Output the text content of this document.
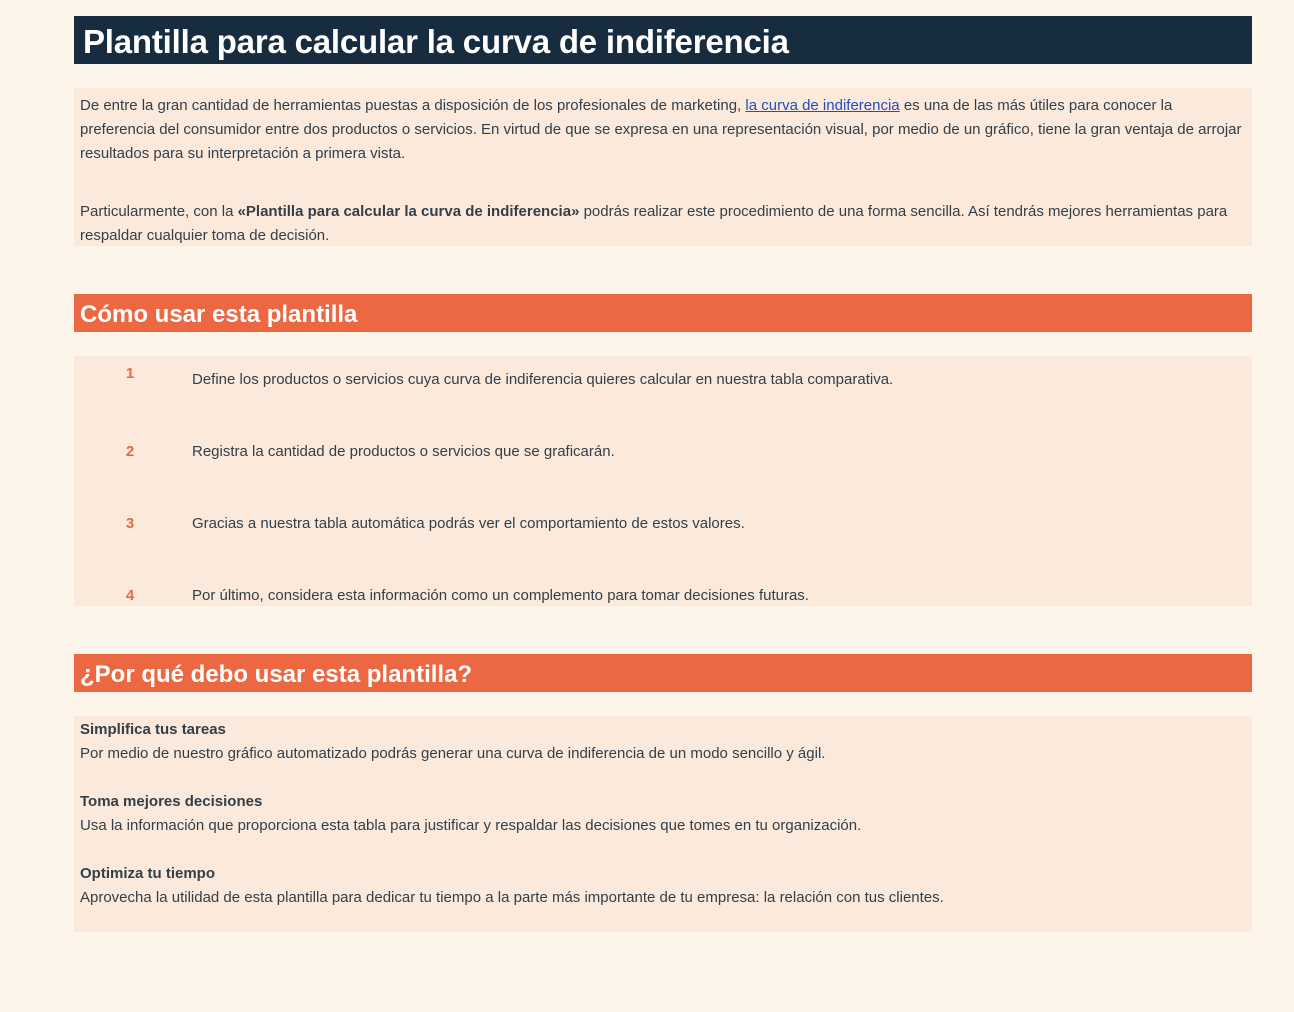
Plantilla para calcular la curva de indiferencia

De entre la gran cantidad de herramientas puestas a disposición de los profesionales de marketing, la curva de indiferencia es una de las más útiles para conocer la preferencia del consumidor entre dos productos o servicios. En virtud de que se expresa en una representación visual, por medio de un gráfico, tiene la gran ventaja de arrojar resultados para su interpretación a primera vista.

Particularmente, con la «Plantilla para calcular la curva de indiferencia» podrás realizar este procedimiento de una forma sencilla. Así tendrás mejores herramientas para respaldar cualquier toma de decisión.

Cómo usar esta plantilla
1	Define los productos o servicios cuya curva de indiferencia quieres calcular en nuestra tabla comparativa.
2	Registra la cantidad de productos o servicios que se graficarán.
3	Gracias a nuestra tabla automática podrás ver el comportamiento de estos valores.
4	Por último, considera esta información como un complemento para tomar decisiones futuras.
¿Por qué debo usar esta plantilla?
Simplifica tus tareas

Por medio de nuestro gráfico automatizado podrás generar una curva de indiferencia de un modo sencillo y ágil.

Toma mejores decisiones

Usa la información que proporciona esta tabla para justificar y respaldar las decisiones que tomes en tu organización.

Optimiza tu tiempo

Aprovecha la utilidad de esta plantilla para dedicar tu tiempo a la parte más importante de tu empresa: la relación con tus clientes.
